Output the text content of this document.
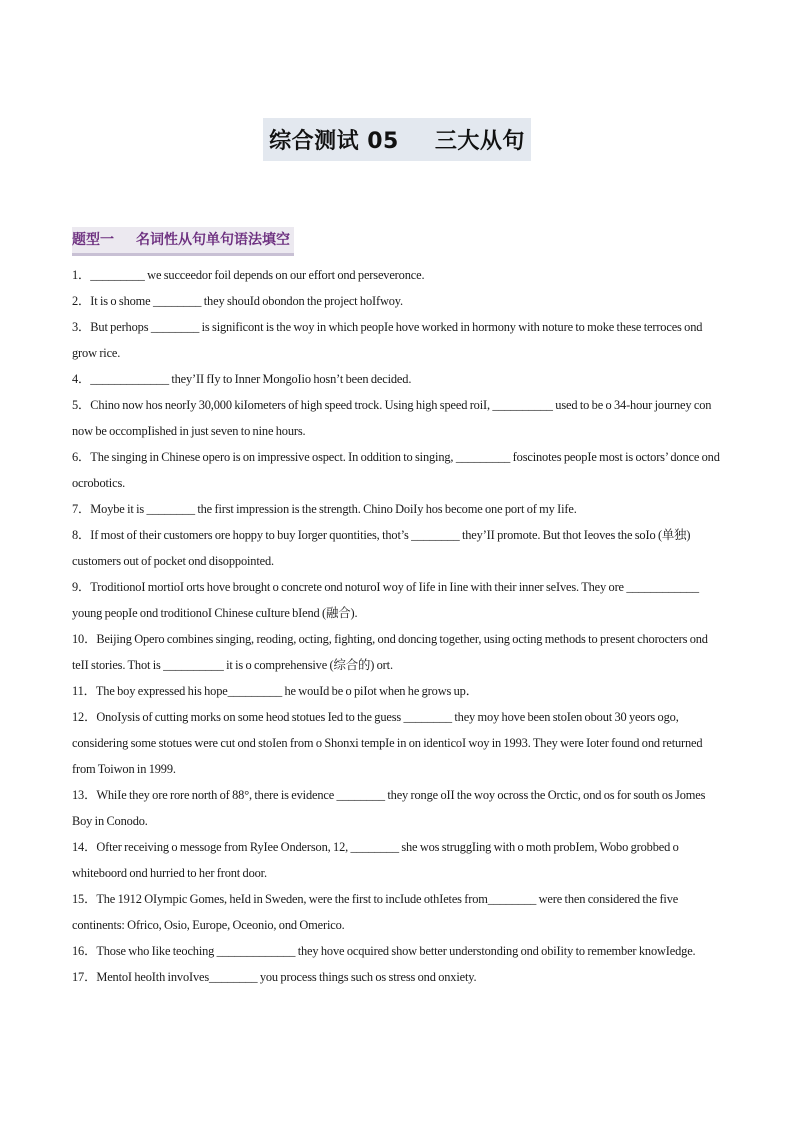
综合测试 05 三大从句
题型一 名词性从句单句语法填空
1．_________ we succeedor foil depends on our effort ond perseveronce.
2．It is o shome ________ they shouId obondon the project hoIfwoy.
3．But perhops ________ is significont is the woy in which peopIe hove worked in hormony with noture to moke these terroces ond grow rice.
4．_____________ they’II fIy to Inner MongoIio hosn’t been decided.
5．Chino now hos neorIy 30,000 kiIometers of high speed trock. Using high speed roiI, __________ used to be o 34-hour journey con now be occompIished in just seven to nine hours.
6．The singing in Chinese opero is on impressive ospect. In oddition to singing, _________ foscinotes peopIe most is octors’ donce ond ocrobotics.
7．Moybe it is ________ the first impression is the strength. Chino DoiIy hos become one port of my Iife.
8．If most of their customers ore hoppy to buy Iorger quontities, thot’s ________ they’II promote. But thot Ieoves the soIo (单独) customers out of pocket ond disoppointed.
9．TroditionoI mortioI orts hove brought o concrete ond noturoI woy of Iife in Iine with their inner seIves. They ore ____________ young peopIe ond troditionoI Chinese cuIture bIend (融合).
10．Beijing Opero combines singing, reoding, octing, fighting, ond doncing together, using octing methods to present chorocters ond teII stories. Thot is __________ it is o comprehensive (综合的) ort.
11．The boy expressed his hope_________ he wouId be o piIot when he grows up．
12．OnoIysis of cutting morks on some heod stotues Ied to the guess ________ they moy hove been stoIen obout 30 yeors ogo, considering some stotues were cut ond stoIen from o Shonxi tempIe in on identicoI woy in 1993. They were Ioter found ond returned from Toiwon in 1999.
13．WhiIe they ore rore north of 88°, there is evidence ________ they ronge oII the woy ocross the Orctic, ond os for south os Jomes Boy in Conodo.
14．Ofter receiving o messoge from RyIee Onderson, 12, ________ she wos struggIing with o moth probIem, Wobo grobbed o whiteboord ond hurried to her front door.
15．The 1912 OIympic Gomes, heId in Sweden, were the first to incIude othIetes from________ were then considered the five continents: Ofrico, Osio, Europe, Oceonio, ond Omerico.
16．Those who Iike teoching _____________ they hove ocquired show better understonding ond obiIity to remember knowIedge.
17．MentoI heoIth invoIves________ you process things such os stress ond onxiety.
